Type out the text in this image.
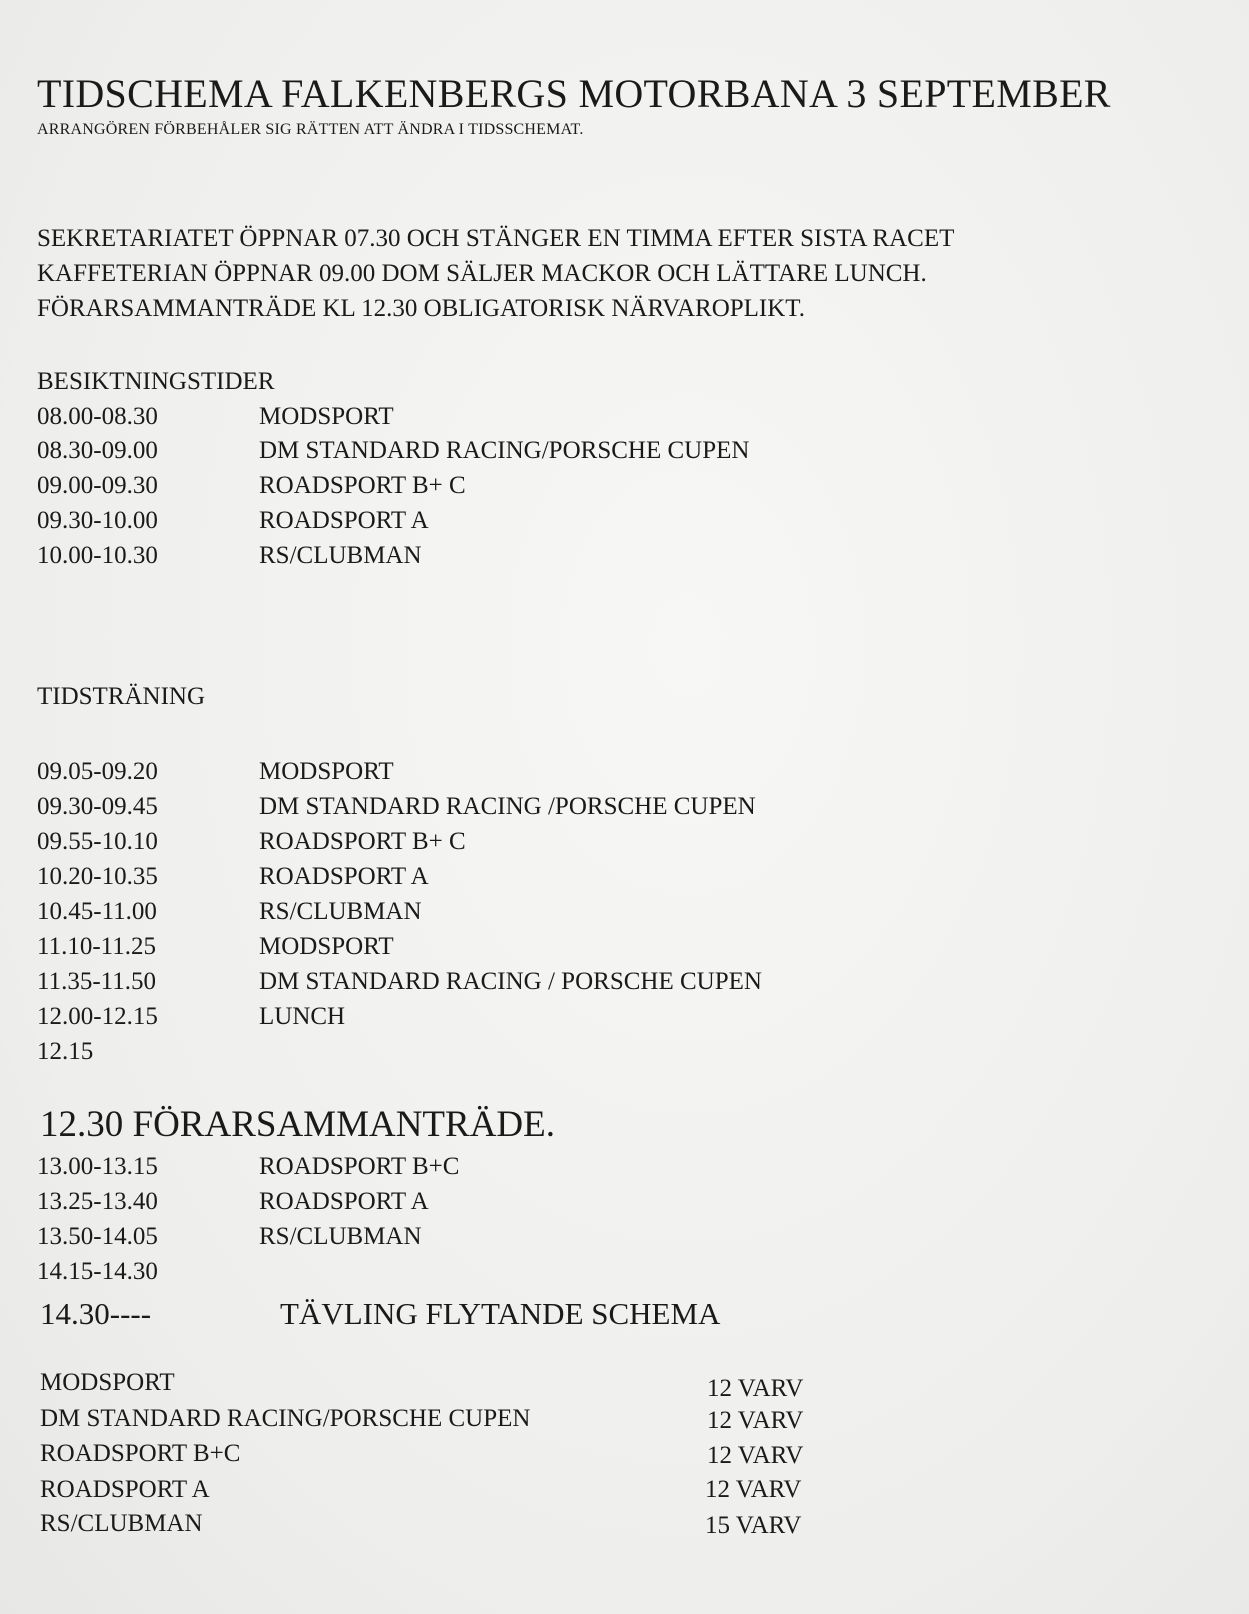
TIDSCHEMA FALKENBERGS MOTORBANA 3 SEPTEMBER
ARRANGÖREN FÖRBEHÅLER SIG RÄTTEN ATT ÄNDRA I TIDSSCHEMAT.
SEKRETARIATET ÖPPNAR 07.30 OCH STÄNGER EN TIMMA EFTER SISTA RACET
KAFFETERIAN ÖPPNAR 09.00 DOM SÄLJER MACKOR OCH LÄTTARE LUNCH.
FÖRARSAMMANTRÄDE KL 12.30 OBLIGATORISK NÄRVAROPLIKT.
BESIKTNINGSTIDER
08.00-08.30	MODSPORT
08.30-09.00	DM STANDARD RACING/PORSCHE CUPEN
09.00-09.30	ROADSPORT B+ C
09.30-10.00	ROADSPORT A
10.00-10.30	RS/CLUBMAN
TIDSTRÄNING
09.05-09.20	MODSPORT
09.30-09.45	DM STANDARD RACING /PORSCHE CUPEN
09.55-10.10	ROADSPORT B+ C
10.20-10.35	ROADSPORT A
10.45-11.00	RS/CLUBMAN
11.10-11.25	MODSPORT
11.35-11.50	DM STANDARD RACING / PORSCHE CUPEN
12.00-12.15	LUNCH
12.15
12.30 FÖRARSAMMANTRÄDE.
13.00-13.15	ROADSPORT B+C
13.25-13.40	ROADSPORT A
13.50-14.05	RS/CLUBMAN
14.15-14.30
14.30----	TÄVLING FLYTANDE SCHEMA
MODSPORT	12 VARV
DM STANDARD RACING/PORSCHE CUPEN	12 VARV
ROADSPORT B+C	12 VARV
ROADSPORT A	12 VARV
RS/CLUBMAN	15 VARV
